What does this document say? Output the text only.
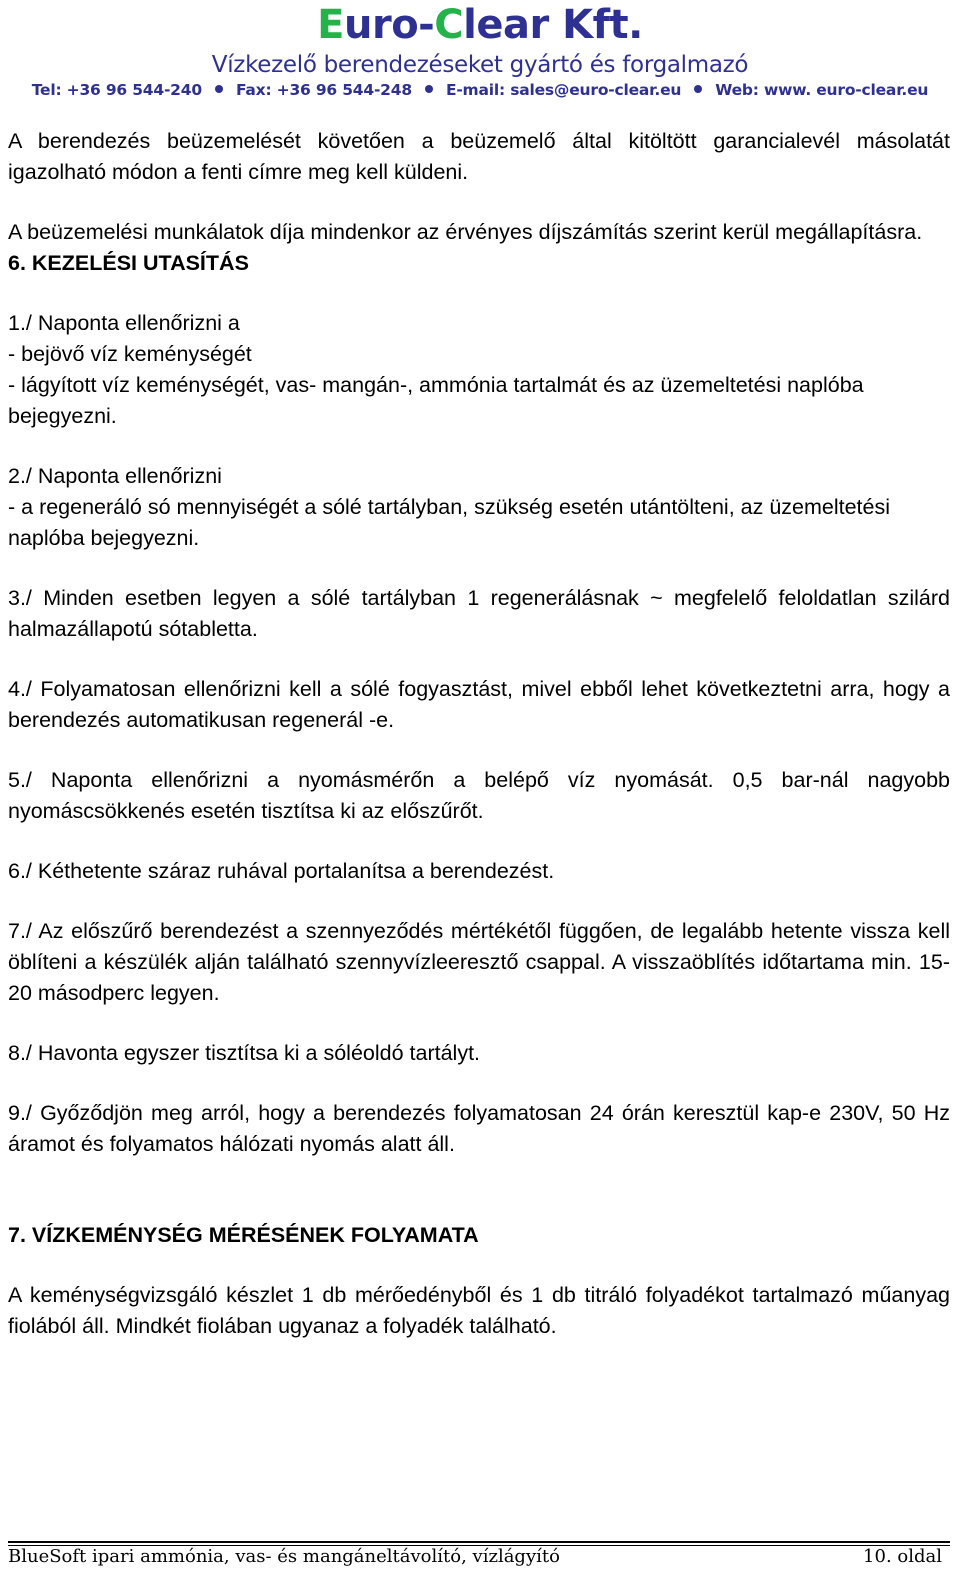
Euro-Clear Kft.
Vízkezelő berendezéseket gyártó és forgalmazó
Tel: +36 96 544-240 Fax: +36 96 544-248 E-mail: sales@euro-clear.eu Web: www. euro-clear.eu

A berendezés beüzemelését követően a beüzemelő által kitöltött garancialevél másolatát igazolható módon a fenti címre meg kell küldeni.

A beüzemelési munkálatok díja mindenkor az érvényes díjszámítás szerint kerül megállapításra.

6. KEZELÉSI UTASÍTÁS

1./ Naponta ellenőrizni a

- bejövő víz keménységét

- lágyított víz keménységét, vas- mangán-, ammónia tartalmát és az üzemeltetési naplóba bejegyezni.

2./ Naponta ellenőrizni

- a regeneráló só mennyiségét a sólé tartályban, szükség esetén utántölteni, az üzemeltetési naplóba bejegyezni.

3./ Minden esetben legyen a sólé tartályban 1 regenerálásnak ~ megfelelő feloldatlan szilárd halmazállapotú sótabletta.

4./ Folyamatosan ellenőrizni kell a sólé fogyasztást, mivel ebből lehet következtetni arra, hogy a berendezés automatikusan regenerál -e.

5./ Naponta ellenőrizni a nyomásmérőn a belépő víz nyomását. 0,5 bar-nál nagyobb nyomáscsökkenés esetén tisztítsa ki az előszűrőt.

6./ Kéthetente száraz ruhával portalanítsa a berendezést.

7./ Az előszűrő berendezést a szennyeződés mértékétől függően, de legalább hetente vissza kell öblíteni a készülék alján található szennyvízleeresztő csappal. A visszaöblítés időtartama min. 15-20 másodperc legyen.

8./ Havonta egyszer tisztítsa ki a sóléoldó tartályt.

9./ Győződjön meg arról, hogy a berendezés folyamatosan 24 órán keresztül kap-e 230V, 50 Hz áramot és folyamatos hálózati nyomás alatt áll.

7. VÍZKEMÉNYSÉG MÉRÉSÉNEK FOLYAMATA

A keménységvizsgáló készlet 1 db mérőedényből és 1 db titráló folyadékot tartalmazó műanyag fiolából áll. Mindkét fiolában ugyanaz a folyadék található.

BlueSoft ipari ammónia, vas- és mangáneltávolító, vízlágyító	10. oldal
